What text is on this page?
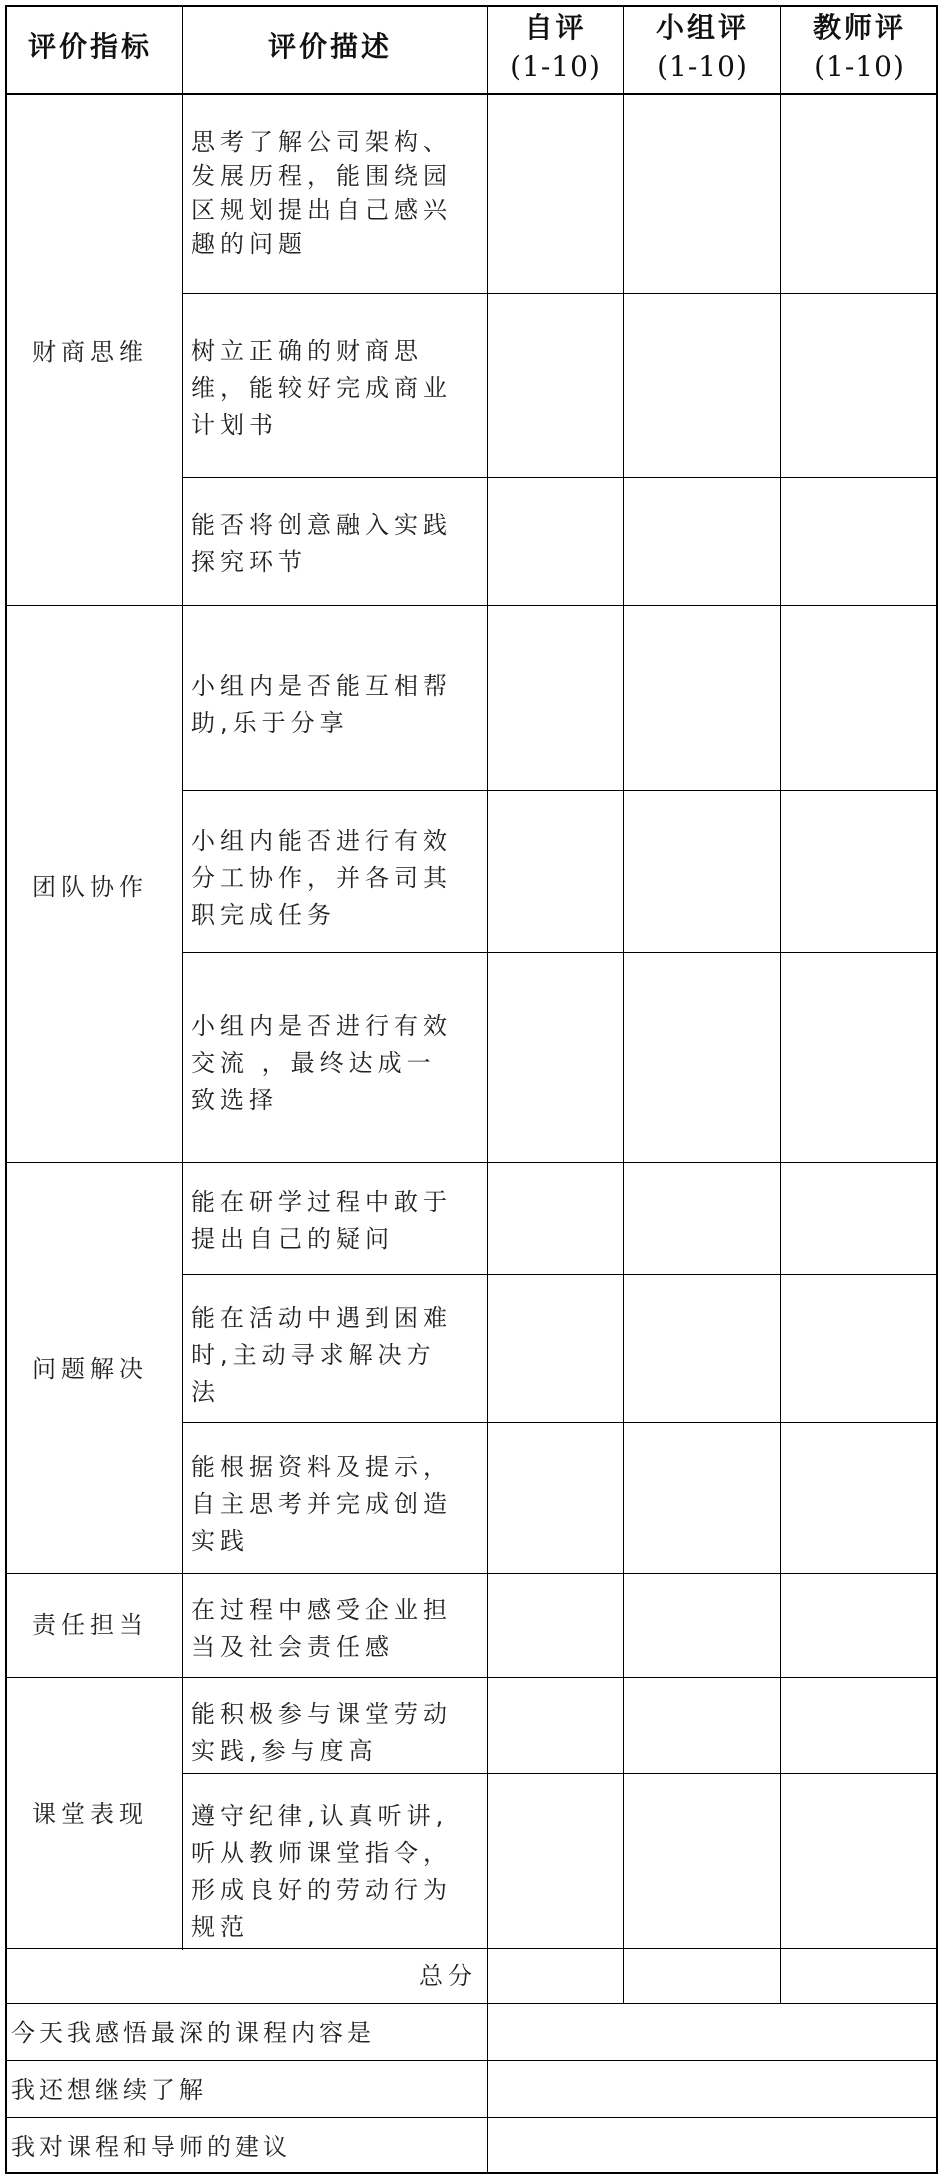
评价指标	评价描述
自评
(1-10)
小组评
(1-10)
教师评
(1-10)
财商思维
团队协作
问题解决
责任担当
课堂表现
思考了解公司架构、
发展历程，能围绕园
区规划提出自己感兴
趣的问题
树立正确的财商思
维，能较好完成商业
计划书
能否将创意融入实践
探究环节
小组内是否能互相帮
助,乐于分享
小组内能否进行有效
分工协作，并各司其
职完成任务
小组内是否进行有效
交流 ，最终达成一
致选择
能在研学过程中敢于
提出自己的疑问
能在活动中遇到困难
时,主动寻求解决方
法
能根据资料及提示，
自主思考并完成创造
实践
在过程中感受企业担
当及社会责任感
能积极参与课堂劳动
实践,参与度高
遵守纪律,认真听讲,
听从教师课堂指令，
形成良好的劳动行为
规范
总分
今天我感悟最深的课程内容是
我还想继续了解
我对课程和导师的建议
